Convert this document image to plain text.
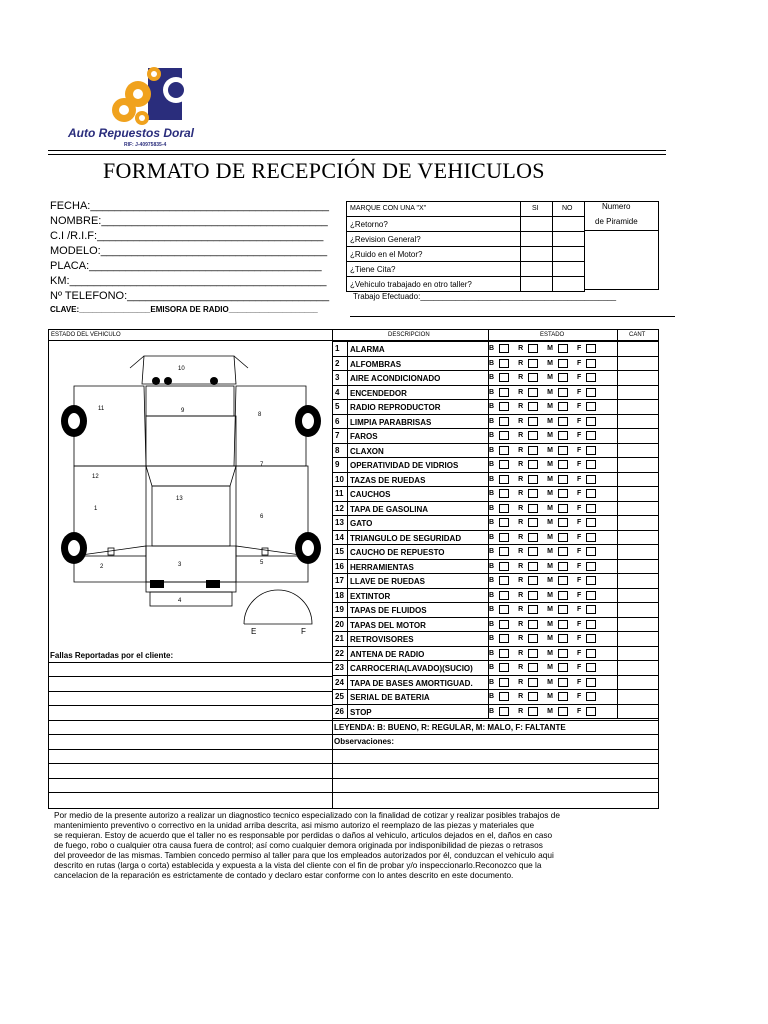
Auto Repuestos Doral
RIF: J-40975835-4
FORMATO DE RECEPCIÓN DE VEHICULOS
FECHA:_______________________________________
NOMBRE:_____________________________________
C.I /R.I.F:_____________________________________
MODELO:_____________________________________
PLACA:______________________________________
KM:__________________________________________
Nº TELEFONO:_________________________________
CLAVE:________________EMISORA DE RADIO____________________
MARQUE CON UNA "X"	SI	NO	Numero
de Piramide
¿Retorno?
¿Revision General?
¿Ruido en el Motor?
¿Tiene Cita?
¿Vehiculo trabajado en otro taller?
Trabajo Efectuado:____________________________________________
ESTADO DEL VEHICULO	DESCRIPCION	ESTADO	CANT
1 ALARMA	B	R	M	F
2 ALFOMBRAS	B	R	M	F
3 AIRE ACONDICIONADO	B	R	M	F
4 ENCENDEDOR	B	R	M	F
5 RADIO REPRODUCTOR	B	R	M	F
6 LIMPIA PARABRISAS	B	R	M	F
7 FAROS	B	R	M	F
8 CLAXON	B	R	M	F
9 OPERATIVIDAD DE VIDRIOS	B	R	M	F
10 TAZAS DE RUEDAS	B	R	M	F
11 CAUCHOS	B	R	M	F
12 TAPA DE GASOLINA	B	R	M	F
13 GATO	B	R	M	F
14 TRIANGULO DE SEGURIDAD	B	R	M	F
15 CAUCHO DE REPUESTO	B	R	M	F
16 HERRAMIENTAS	B	R	M	F
17 LLAVE DE RUEDAS	B	R	M	F
18 EXTINTOR	B	R	M	F
19 TAPAS DE FLUIDOS	B	R	M	F
20 TAPAS DEL MOTOR	B	R	M	F
21 RETROVISORES	B	R	M	F
22 ANTENA DE RADIO	B	R	M	F
23 CARROCERIA(LAVADO)(SUCIO) B	R	M	F
24 TAPA DE BASES AMORTIGUAD. B	R	M	F
25 SERIAL DE BATERIA	B	R	M	F
26 STOP	B	R	M	F
10
11	9
8
12
7
13
1
6
2	3	5
4
E	F
Fallas Reportadas por el cliente:
LEYENDA: B: BUENO, R: REGULAR, M: MALO, F: FALTANTE
Observaciones:
Por medio de la presente autorizo a realizar un diagnostico tecnico especializado con la finalidad de cotizar y realizar posibles trabajos de
mantenimiento preventivo o correctivo en la unidad arriba descrita, asi mismo autorizo el reemplazo de las piezas y materiales que
se requieran. Estoy de acuerdo que el taller no es responsable por perdidas o daños al vehiculo, articulos dejados en el, daños en caso
de fuego, robo o cualquier otra causa fuera de control; así como cualquier demora originada por indisponibilidad de piezas o retrasos
del proveedor de las mismas. Tambien concedo permiso al taller para que los empleados autorizados por él, conduzcan el vehiculo aqui
descrito en rutas (larga o corta) establecida y expuesta a la vista del cliente con el fin de probar y/o inspeccionarlo.Reconozco que la
cancelacion de la reparación es estrictamente de contado y declaro estar conforme con lo antes descrito en este documento.
